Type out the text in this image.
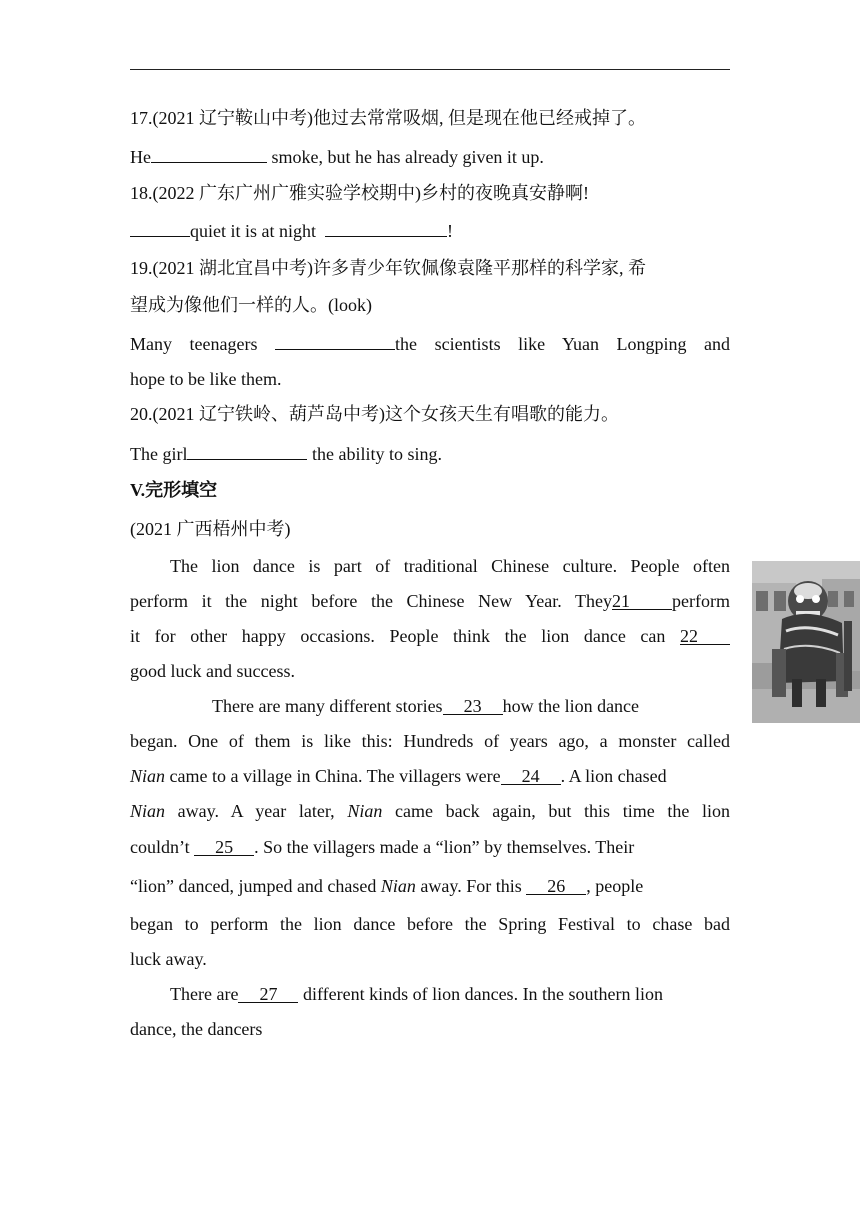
17.(2021 辽宁鞍山中考)他过去常常吸烟, 但是现在他已经戒掉了。
He	smoke, but he has already given it up.
18.(2022 广东广州广雅实验学校期中)乡村的夜晚真安静啊!
quiet it is at night	!
19.(2021 湖北宜昌中考)许多青少年钦佩像袁隆平那样的科学家, 希
望成为像他们一样的人。(look)
Many teenagers	the scientists like Yuan Longping and
hope to be like them.
20.(2021 辽宁铁岭、葫芦岛中考)这个女孩天生有唱歌的能力。
The girl	the ability to sing.
V.完形填空
(2021 广西梧州中考)
The lion dance is part of traditional Chinese culture. People often
perform it the night before the Chinese New Year. They21 perform
it for other happy occasions. People think the lion dance can 22
good luck and success.
There are many different stories 23 how the lion dance
began. One of them is like this: Hundreds of years ago, a monster called
Nian came to a village in China. The villagers were 24 . A lion chased
Nian away. A year later, Nian came back again, but this time the lion
couldn’t 25 . So the villagers made a “lion” by themselves. Their
“lion” danced, jumped and chased Nian away. For this 26 , people
began to perform the lion dance before the Spring Festival to chase bad
luck away.
There are 27 different kinds of lion dances. In the southern lion
dance, the dancers
